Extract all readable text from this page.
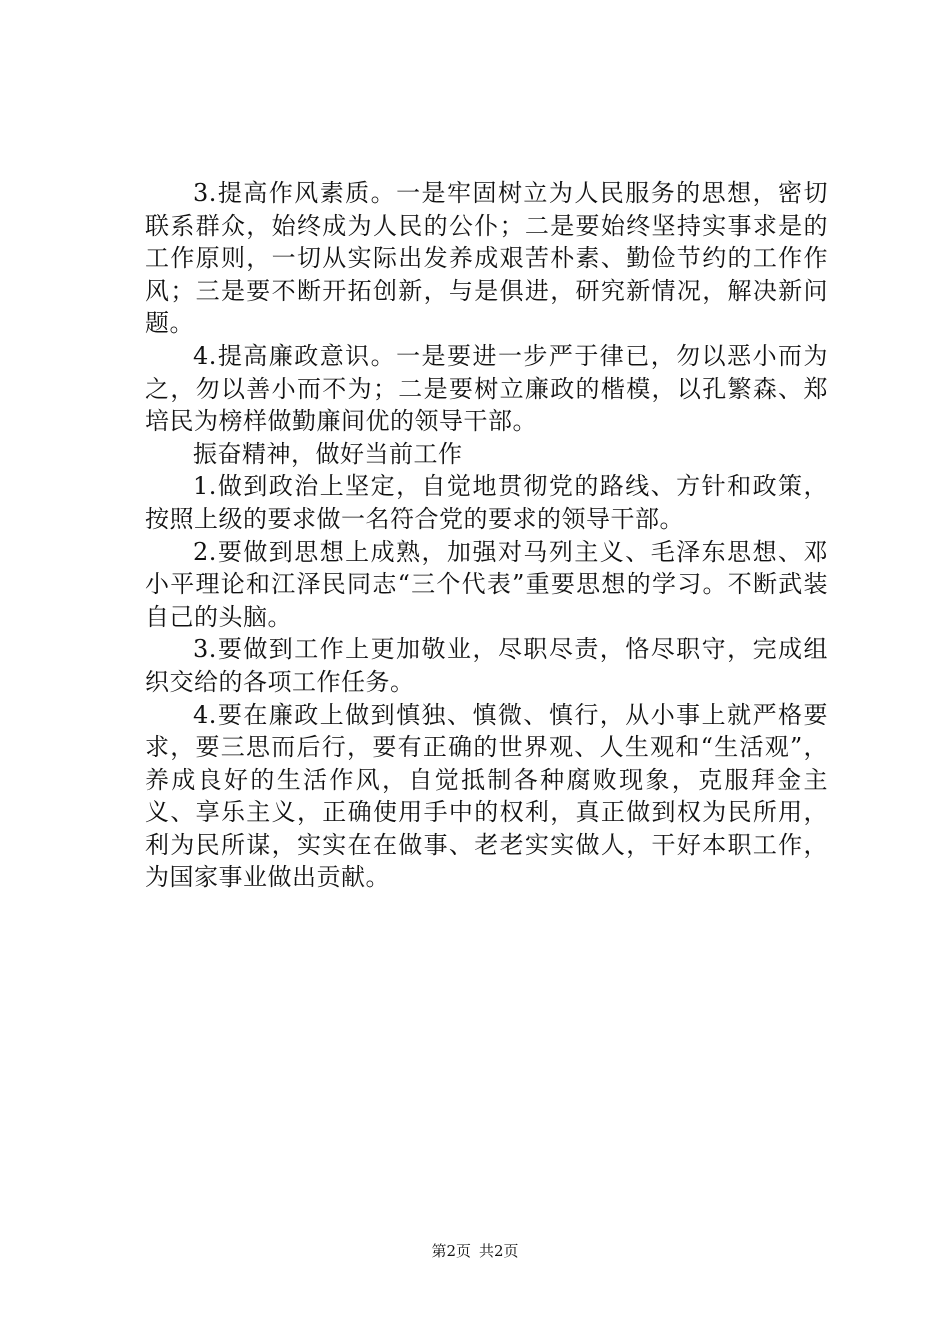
3.提高作风素质。一是牢固树立为人民服务的思想，密切联系群众，始终成为人民的公仆；二是要始终坚持实事求是的工作原则，一切从实际出发养成艰苦朴素、勤俭节约的工作作风；三是要不断开拓创新，与是俱进，研究新情况，解决新问题。

4.提高廉政意识。一是要进一步严于律已，勿以恶小而为之，勿以善小而不为；二是要树立廉政的楷模，以孔繁森、郑培民为榜样做勤廉间优的领导干部。

振奋精神，做好当前工作

1.做到政治上坚定，自觉地贯彻党的路线、方针和政策，按照上级的要求做一名符合党的要求的领导干部。

2.要做到思想上成熟，加强对马列主义、毛泽东思想、邓小平理论和江泽民同志“三个代表”重要思想的学习。不断武装自己的头脑。

3.要做到工作上更加敬业，尽职尽责，恪尽职守，完成组织交给的各项工作任务。

4.要在廉政上做到慎独、慎微、慎行，从小事上就严格要求，要三思而后行，要有正确的世界观、人生观和“生活观”，养成良好的生活作风，自觉抵制各种腐败现象，克服拜金主义、享乐主义，正确使用手中的权利，真正做到权为民所用，利为民所谋，实实在在做事、老老实实做人，干好本职工作，为国家事业做出贡献。

第2页 共2页
